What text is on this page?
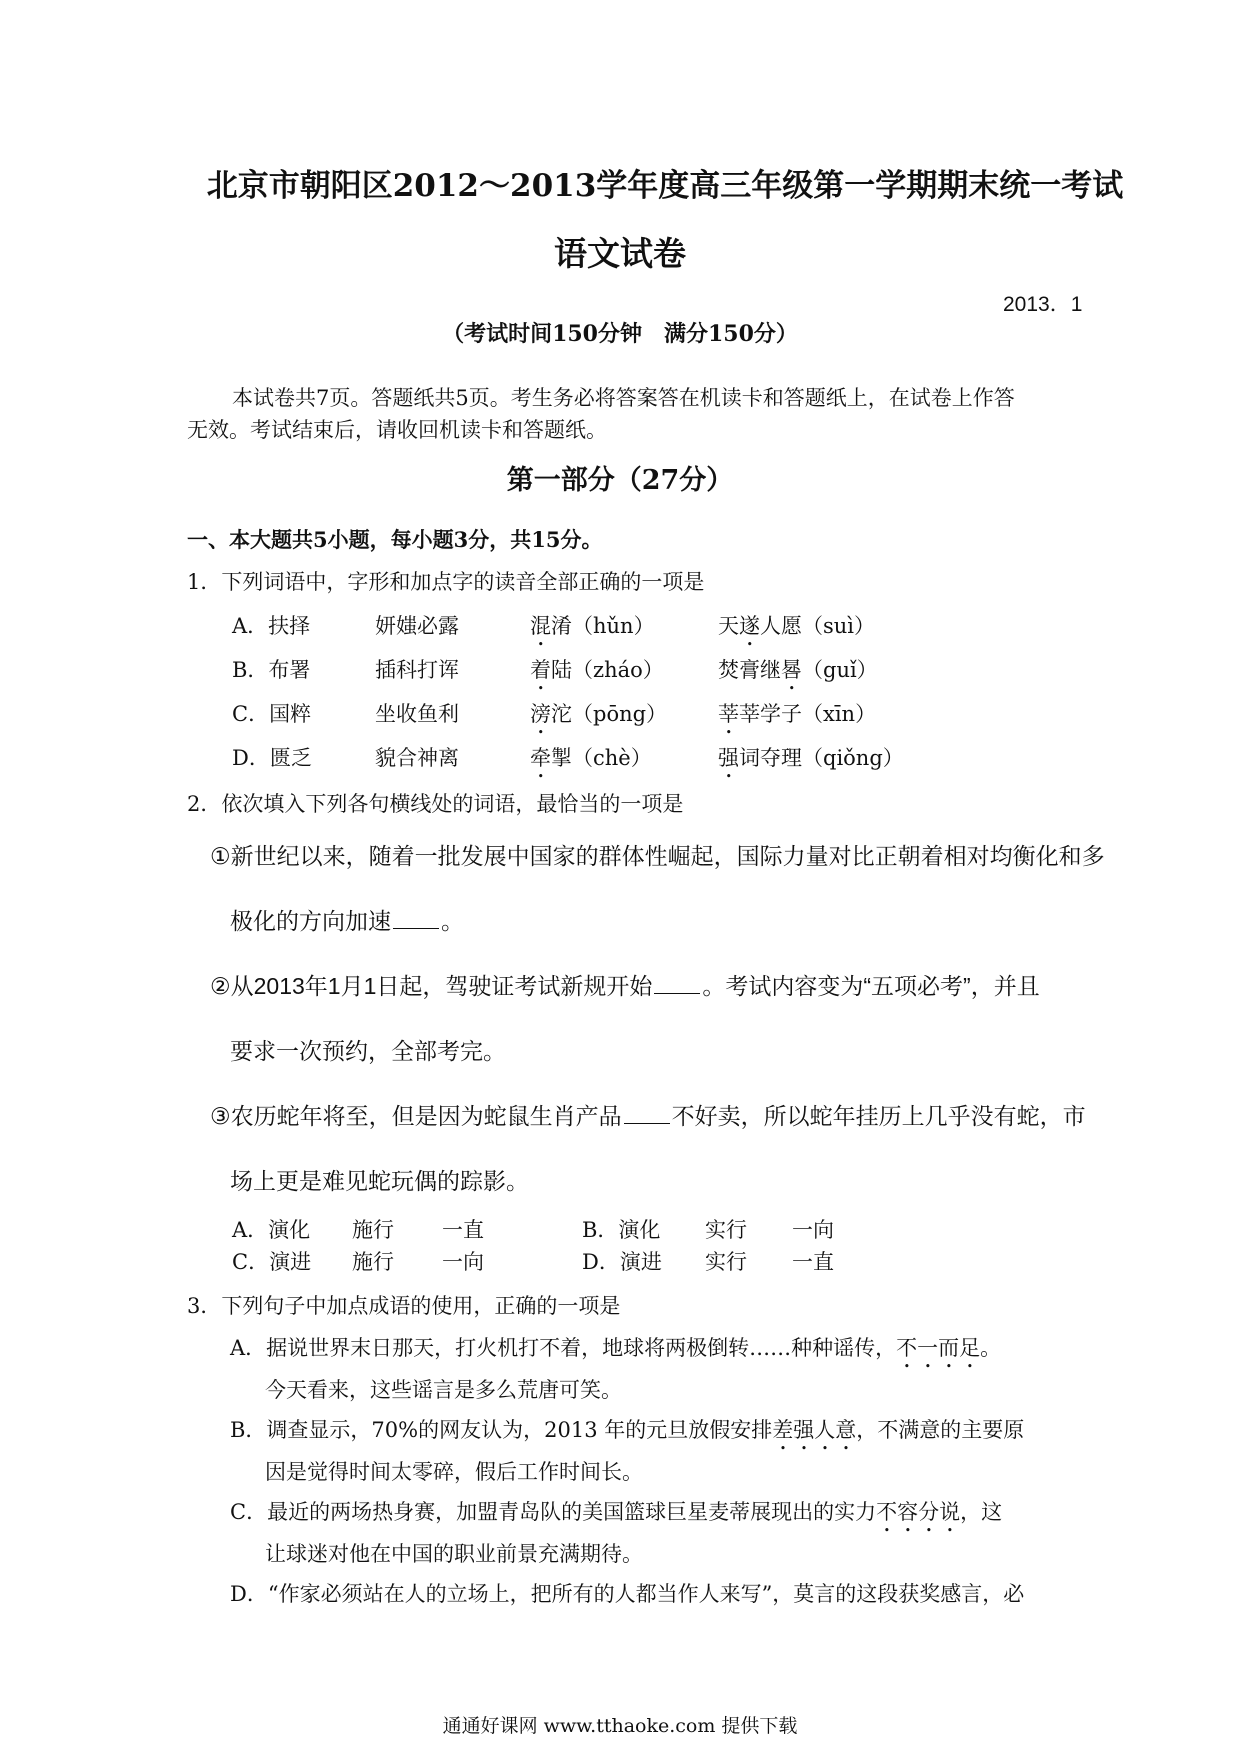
北京市朝阳区2012～2013学年度高三年级第一学期期末统一考试
语文试卷
2013．1
（考试时间150分钟　满分150分）
本试卷共7页。答题纸共5页。考生务必将答案答在机读卡和答题纸上，在试卷上作答
无效。考试结束后，请收回机读卡和答题纸。
第一部分（27分）
一、本大题共5小题，每小题3分，共15分。
1．下列词语中，字形和加点字的读音全部正确的一项是
A．扶择	妍媸必露	混淆（hǔn）	天遂人愿（suì）
B．布署	插科打诨	着陆（zháo）	焚膏继晷（guǐ）
C．国粹	坐收鱼利	滂沱（pōng） 莘莘学子（xīn）
D．匮乏	貌合神离	牵掣（chè）	强词夺理（qiǒng）
2．依次填入下列各句横线处的词语，最恰当的一项是
①新世纪以来，随着一批发展中国家的群体性崛起，国际力量对比正朝着相对均衡化和多
极化的方向加速 。
②从2013年1月1日起，驾驶证考试新规开始 。考试内容变为“五项必考”，并且
要求一次预约，全部考完。
③农历蛇年将至，但是因为蛇鼠生肖产品 不好卖，所以蛇年挂历上几乎没有蛇，市
场上更是难见蛇玩偶的踪影。
A．演化 施行 一直	B．演化 实行 一向
C．演进 施行 一向	D．演进 实行 一直
3．下列句子中加点成语的使用，正确的一项是
A．据说世界末日那天，打火机打不着，地球将两极倒转……种种谣传，不一而足。
今天看来，这些谣言是多么荒唐可笑。
B．调查显示，70%的网友认为，2013 年的元旦放假安排差强人意，不满意的主要原
因是觉得时间太零碎，假后工作时间长。
C．最近的两场热身赛，加盟青岛队的美国篮球巨星麦蒂展现出的实力不容分说，这
让球迷对他在中国的职业前景充满期待。
D．“作家必须站在人的立场上，把所有的人都当作人来写”，莫言的这段获奖感言，必
通通好课网 www.tthaoke.com 提供下载
